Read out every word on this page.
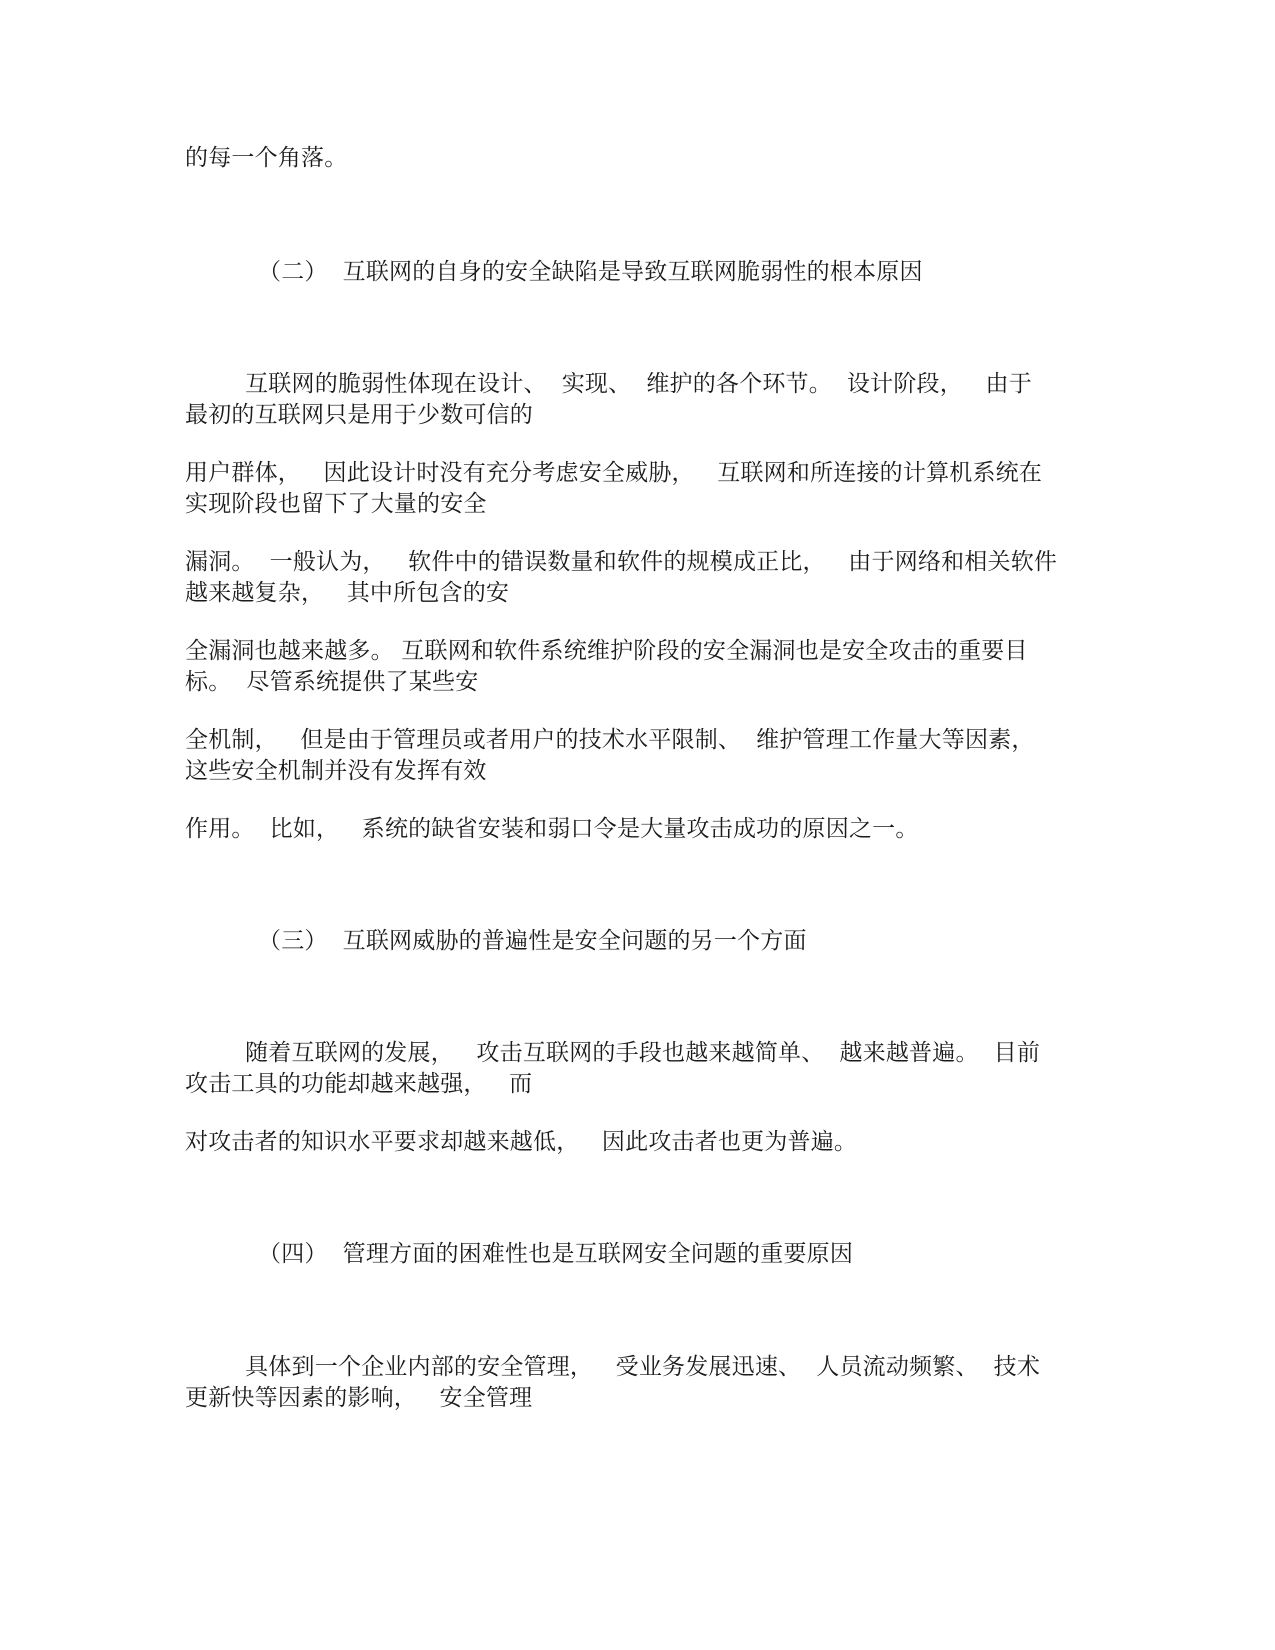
的每一个角落。
（二） 互联网的自身的安全缺陷是导致互联网脆弱性的根本原因
互联网的脆弱性体现在设计、  实现、  维护的各个环节。  设计阶段，   由于
最初的互联网只是用于少数可信的
用户群体，   因此设计时没有充分考虑安全威胁，   互联网和所连接的计算机系统在
实现阶段也留下了大量的安全
漏洞。  一般认为，   软件中的错误数量和软件的规模成正比，   由于网络和相关软件
越来越复杂，   其中所包含的安
全漏洞也越来越多。 互联网和软件系统维护阶段的安全漏洞也是安全攻击的重要目
标。  尽管系统提供了某些安
全机制，   但是由于管理员或者用户的技术水平限制、  维护管理工作量大等因素，
这些安全机制并没有发挥有效
作用。  比如，   系统的缺省安装和弱口令是大量攻击成功的原因之一。
（三） 互联网威胁的普遍性是安全问题的另一个方面
随着互联网的发展，   攻击互联网的手段也越来越简单、  越来越普遍。  目前
攻击工具的功能却越来越强，   而
对攻击者的知识水平要求却越来越低，   因此攻击者也更为普遍。
（四） 管理方面的困难性也是互联网安全问题的重要原因
具体到一个企业内部的安全管理，   受业务发展迅速、  人员流动频繁、  技术
更新快等因素的影响，   安全管理
